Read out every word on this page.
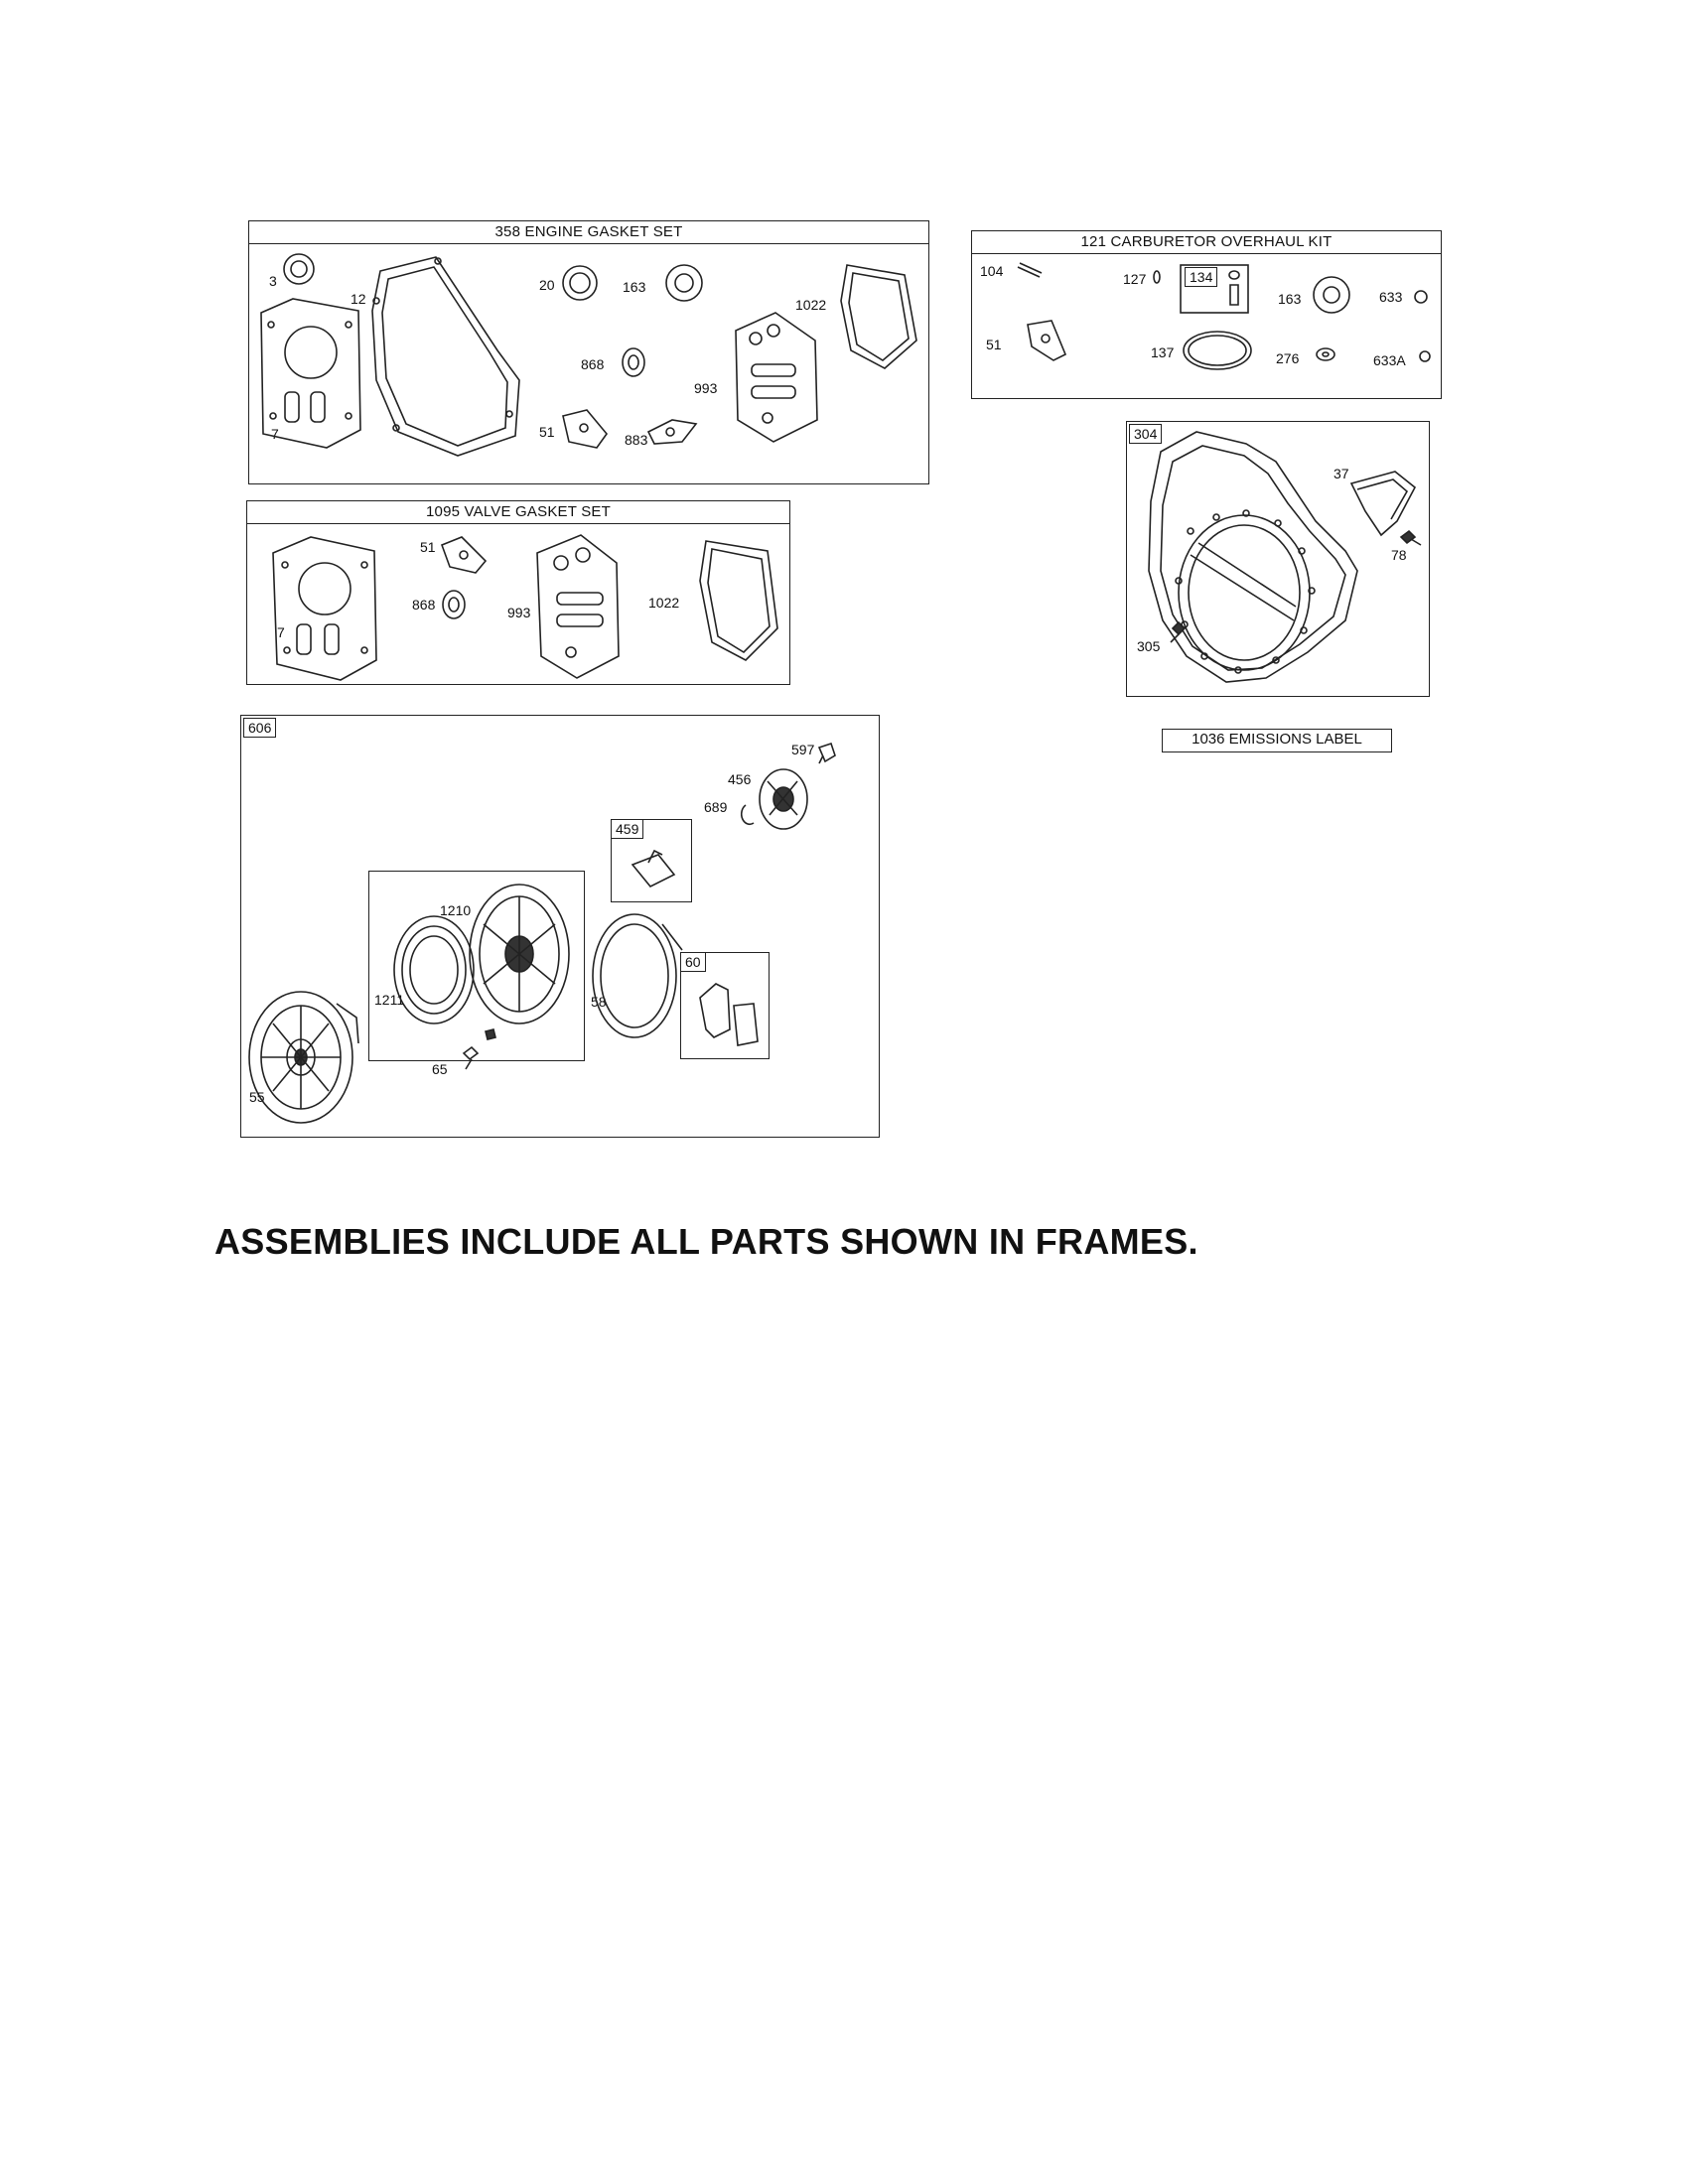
358 ENGINE GASKET SET
3
12
20	163
1022
868
993
7	51	883
1095 VALVE GASKET SET
51
868	993
1022
7
121 CARBURETOR OVERHAUL KIT
104	127	134
163	633
51	137	276	633A
304
37
78
305
1036 EMISSIONS LABEL
606
597
456
689
1210
1211	58
55
65
459
60
ASSEMBLIES INCLUDE ALL PARTS SHOWN IN FRAMES.
